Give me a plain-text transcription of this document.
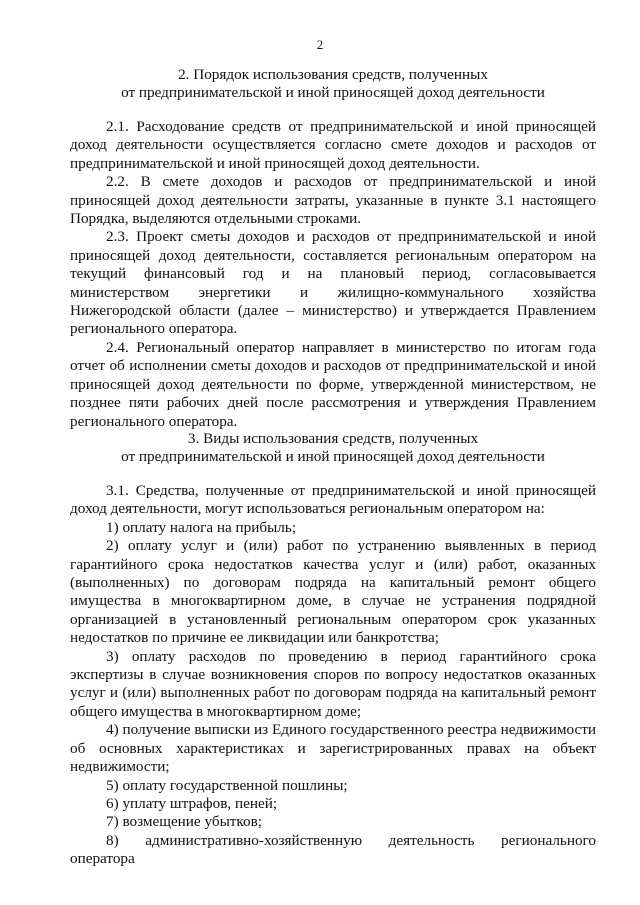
2
2. Порядок использования средств, полученных
от предпринимательской и иной приносящей доход деятельности

2.1. Расходование средств от предпринимательской и иной приносящей доход деятельности осуществляется согласно смете доходов и расходов от предпринимательской и иной приносящей доход деятельности.

2.2. В смете доходов и расходов от предпринимательской и иной приносящей доход деятельности затраты, указанные в пункте 3.1 настоящего Порядка, выделяются отдельными строками.

2.3. Проект сметы доходов и расходов от предпринимательской и иной приносящей доход деятельности, составляется региональным оператором на текущий финансовый год и на плановый период, согласовывается министерством энергетики и жилищно-коммунального хозяйства Нижегородской области (далее – министерство) и утверждается Правлением регионального оператора.

2.4. Региональный оператор направляет в министерство по итогам года отчет об исполнении сметы доходов и расходов от предпринимательской и иной приносящей доход деятельности по форме, утвержденной министерством, не позднее пяти рабочих дней после рассмотрения и утверждения Правлением регионального оператора.

3. Виды использования средств, полученных
от предпринимательской и иной приносящей доход деятельности

3.1. Средства, полученные от предпринимательской и иной приносящей доход деятельности, могут использоваться региональным оператором на:

1) оплату налога на прибыль;

2) оплату услуг и (или) работ по устранению выявленных в период гарантийного срока недостатков качества услуг и (или) работ, оказанных (выполненных) по договорам подряда на капитальный ремонт общего имущества в многоквартирном доме, в случае не устранения подрядной организацией в установленный региональным оператором срок указанных недостатков по причине ее ликвидации или банкротства;

3) оплату расходов по проведению в период гарантийного срока экспертизы в случае возникновения споров по вопросу недостатков оказанных услуг и (или) выполненных работ по договорам подряда на капитальный ремонт общего имущества в многоквартирном доме;

4) получение выписки из Единого государственного реестра недвижимости об основных характеристиках и зарегистрированных правах на объект недвижимости;

5) оплату государственной пошлины;

6) уплату штрафов, пеней;

7) возмещение убытков;

8) административно-хозяйственную деятельность регионального оператора
